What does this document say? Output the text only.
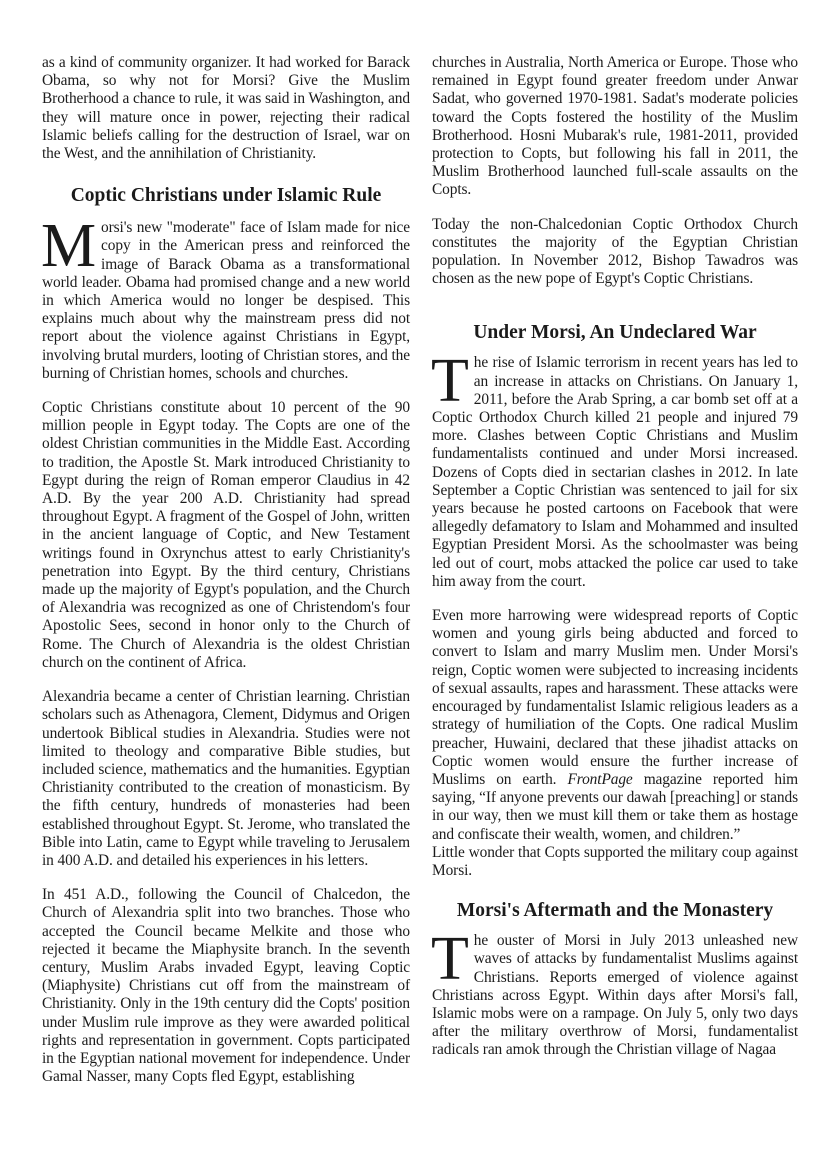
as a kind of community organizer. It had worked for Barack Obama, so why not for Morsi? Give the Muslim Brotherhood a chance to rule, it was said in Washington, and they will mature once in power, rejecting their radical Islamic beliefs calling for the destruction of Israel, war on the West, and the annihilation of Christianity.

Coptic Christians under Islamic Rule

Morsi's new "moderate" face of Islam made for nice copy in the American press and reinforced the image of Barack Obama as a transformational world leader. Obama had promised change and a new world in which America would no longer be despised. This explains much about why the mainstream press did not report about the violence against Christians in Egypt, involving brutal murders, looting of Christian stores, and the burning of Christian homes, schools and churches.

Coptic Christians constitute about 10 percent of the 90 million people in Egypt today. The Copts are one of the oldest Christian communities in the Middle East. According to tradition, the Apostle St. Mark introduced Christianity to Egypt during the reign of Roman emperor Claudius in 42 A.D. By the year 200 A.D. Christianity had spread throughout Egypt. A fragment of the Gospel of John, written in the ancient language of Coptic, and New Testament writings found in Oxrynchus attest to early Christianity's penetration into Egypt. By the third century, Christians made up the majority of Egypt's population, and the Church of Alexandria was recognized as one of Christendom's four Apostolic Sees, second in honor only to the Church of Rome. The Church of Alexandria is the oldest Christian church on the continent of Africa.

Alexandria became a center of Christian learning. Christian scholars such as Athenagora, Clement, Didymus and Origen undertook Biblical studies in Alexandria. Studies were not limited to theology and comparative Bible studies, but included science, mathematics and the humanities. Egyptian Christianity contributed to the creation of monasticism. By the fifth century, hundreds of monasteries had been established throughout Egypt. St. Jerome, who translated the Bible into Latin, came to Egypt while traveling to Jerusalem in 400 A.D. and detailed his experiences in his letters.

In 451 A.D., following the Council of Chalcedon, the Church of Alexandria split into two branches. Those who accepted the Council became Melkite and those who rejected it became the Miaphysite branch. In the seventh century, Muslim Arabs invaded Egypt, leaving Coptic (Miaphysite) Christians cut off from the mainstream of Christianity. Only in the 19th century did the Copts' position under Muslim rule improve as they were awarded political rights and representation in government. Copts participated in the Egyptian national movement for independence. Under Gamal Nasser, many Copts fled Egypt, establishing

churches in Australia, North America or Europe. Those who remained in Egypt found greater freedom under Anwar Sadat, who governed 1970-1981. Sadat's moderate policies toward the Copts fostered the hostility of the Muslim Brotherhood. Hosni Mubarak's rule, 1981-2011, provided protection to Copts, but following his fall in 2011, the Muslim Brotherhood launched full-scale assaults on the Copts.

Today the non-Chalcedonian Coptic Orthodox Church constitutes the majority of the Egyptian Christian population. In November 2012, Bishop Tawadros was chosen as the new pope of Egypt's Coptic Christians.

Under Morsi, An Undeclared War

The rise of Islamic terrorism in recent years has led to an increase in attacks on Christians. On January 1, 2011, before the Arab Spring, a car bomb set off at a Coptic Orthodox Church killed 21 people and injured 79 more. Clashes between Coptic Christians and Muslim fundamentalists continued and under Morsi increased. Dozens of Copts died in sectarian clashes in 2012. In late September a Coptic Christian was sentenced to jail for six years because he posted cartoons on Facebook that were allegedly defamatory to Islam and Mohammed and insulted Egyptian President Morsi. As the schoolmaster was being led out of court, mobs attacked the police car used to take him away from the court.

Even more harrowing were widespread reports of Coptic women and young girls being abducted and forced to convert to Islam and marry Muslim men. Under Morsi's reign, Coptic women were subjected to increasing incidents of sexual assaults, rapes and harassment. These attacks were encouraged by fundamentalist Islamic religious leaders as a strategy of humiliation of the Copts. One radical Muslim preacher, Huwaini, declared that these jihadist attacks on Coptic women would ensure the further increase of Muslims on earth. FrontPage magazine reported him saying, “If anyone prevents our dawah [preaching] or stands in our way, then we must kill them or take them as hostage and confiscate their wealth, women, and children.”

Little wonder that Copts supported the military coup against Morsi.

Morsi's Aftermath and the Monastery

The ouster of Morsi in July 2013 unleashed new waves of attacks by fundamentalist Muslims against Christians. Reports emerged of violence against Christians across Egypt. Within days after Morsi's fall, Islamic mobs were on a rampage. On July 5, only two days after the military overthrow of Morsi, fundamentalist radicals ran amok through the Christian village of Nagaa
